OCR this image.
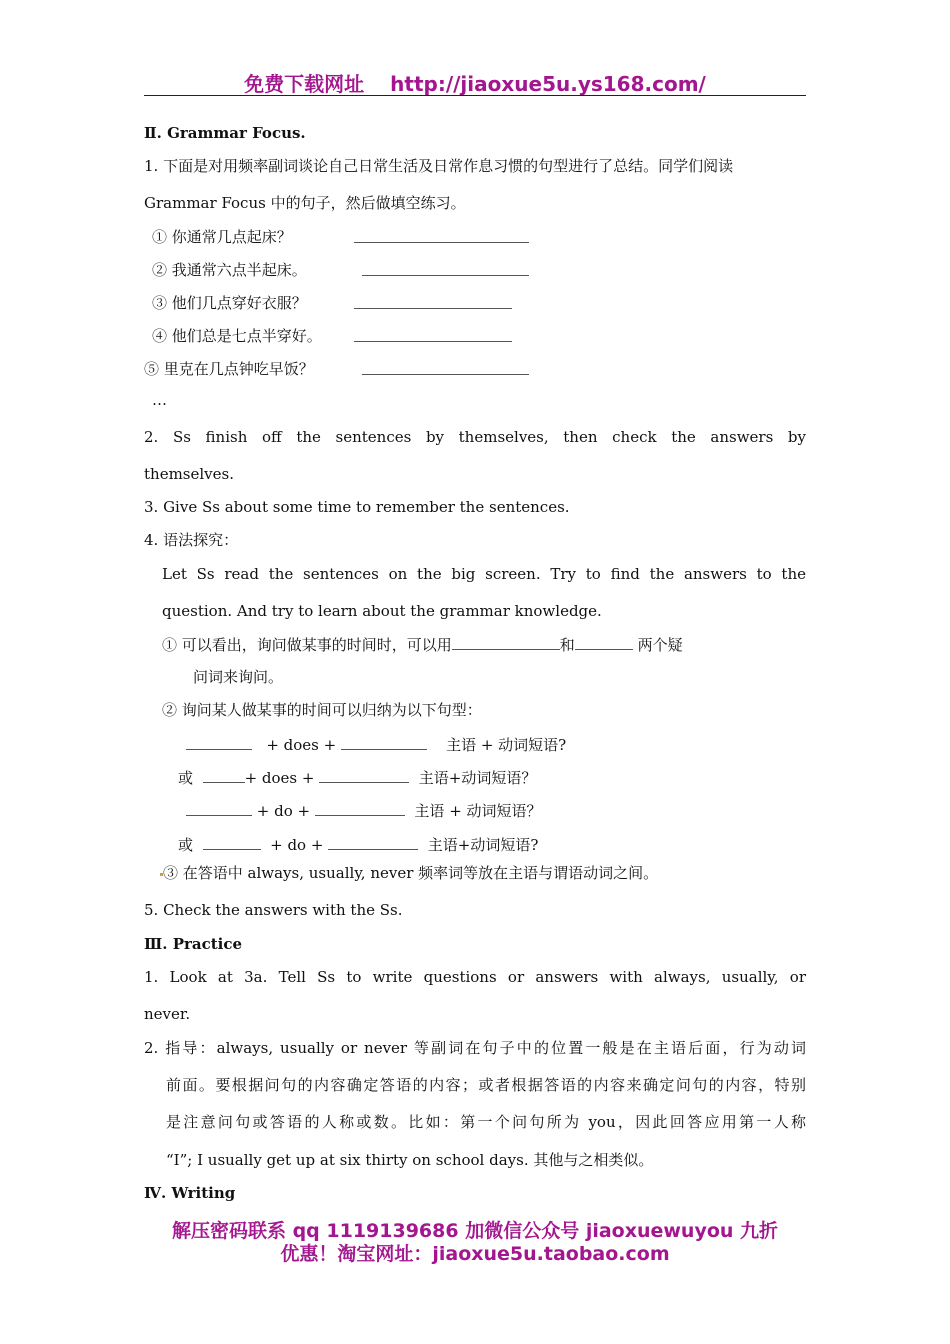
免费下载网址 http://jiaoxue5u.ys168.com/
Ⅱ. Grammar Focus.
1. 下面是对用频率副词谈论自己日常生活及日常作息习惯的句型进行了总结。同学们阅读
Grammar Focus 中的句子，然后做填空练习。
① 你通常几点起床？
② 我通常六点半起床。
③ 他们几点穿好衣服？
④ 他们总是七点半穿好。
⑤ 里克在几点钟吃早饭？
…
2. Ss finish off the sentences by themselves, then check the answers by
themselves.
3. Give Ss about some time to remember the sentences.
4. 语法探究：
Let Ss read the sentences on the big screen. Try to find the answers to the
question. And try to learn about the grammar knowledge.
① 可以看出，询问做某事的时间时，可以用	和	两个疑
问词来询问。
② 询问某人做某事的时间可以归纳为以下句型：
+ does +	主语 + 动词短语?
或	+ does +	主语+动词短语？
+ do +	主语 + 动词短语？
或	+ do +	主语+动词短语?
③ 在答语中 always, usually, never 频率词等放在主语与谓语动词之间。
5. Check the answers with the Ss.
Ⅲ. Practice
1. Look at 3a. Tell Ss to write questions or answers with always, usually, or
never.
2. 指导：always, usually or never 等副词在句子中的位置一般是在主语后面，行为动词
前面。要根据问句的内容确定答语的内容；或者根据答语的内容来确定问句的内容，特别
是注意问句或答语的人称或数。比如：第一个问句所为 you，因此回答应用第一人称
“I”; I usually get up at six thirty on school days. 其他与之相类似。
Ⅳ. Writing
解压密码联系 qq 1119139686 加微信公众号 jiaoxuewuyou 九折
优惠！淘宝网址：jiaoxue5u.taobao.com
